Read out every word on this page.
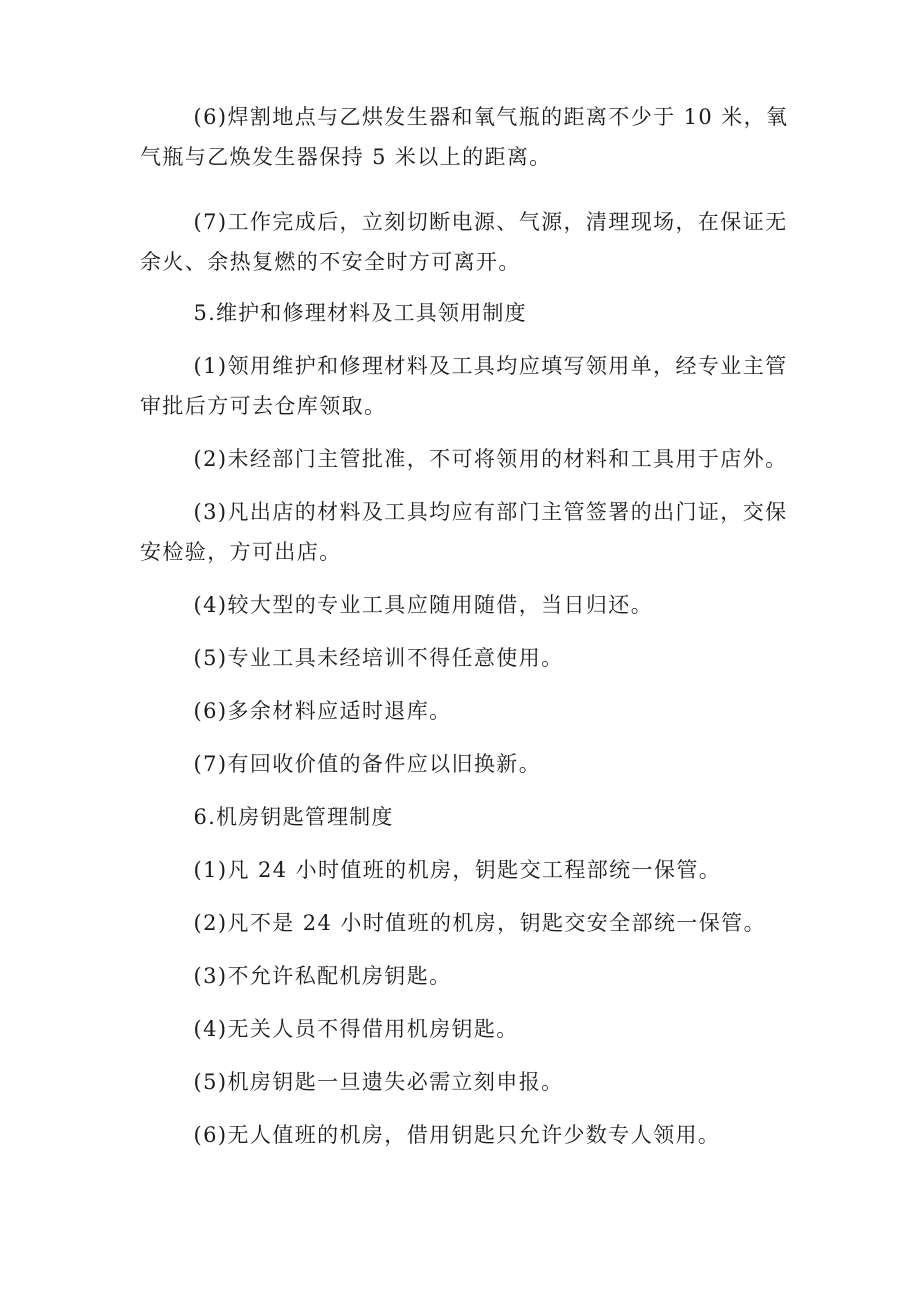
(6)焊割地点与乙烘发生器和氧气瓶的距离不少于 10 米，氧气瓶与乙焕发生器保持 5 米以上的距离。

(7)工作完成后，立刻切断电源、气源，清理现场，在保证无余火、余热复燃的不安全时方可离开。

5.维护和修理材料及工具领用制度

(1)领用维护和修理材料及工具均应填写领用单，经专业主管审批后方可去仓库领取。

(2)未经部门主管批准，不可将领用的材料和工具用于店外。

(3)凡出店的材料及工具均应有部门主管签署的出门证，交保安检验，方可出店。

(4)较大型的专业工具应随用随借，当日归还。

(5)专业工具未经培训不得任意使用。

(6)多余材料应适时退库。

(7)有回收价值的备件应以旧换新。

6.机房钥匙管理制度

(1)凡 24 小时值班的机房，钥匙交工程部统一保管。

(2)凡不是 24 小时值班的机房，钥匙交安全部统一保管。

(3)不允许私配机房钥匙。

(4)无关人员不得借用机房钥匙。

(5)机房钥匙一旦遗失必需立刻申报。

(6)无人值班的机房，借用钥匙只允许少数专人领用。
